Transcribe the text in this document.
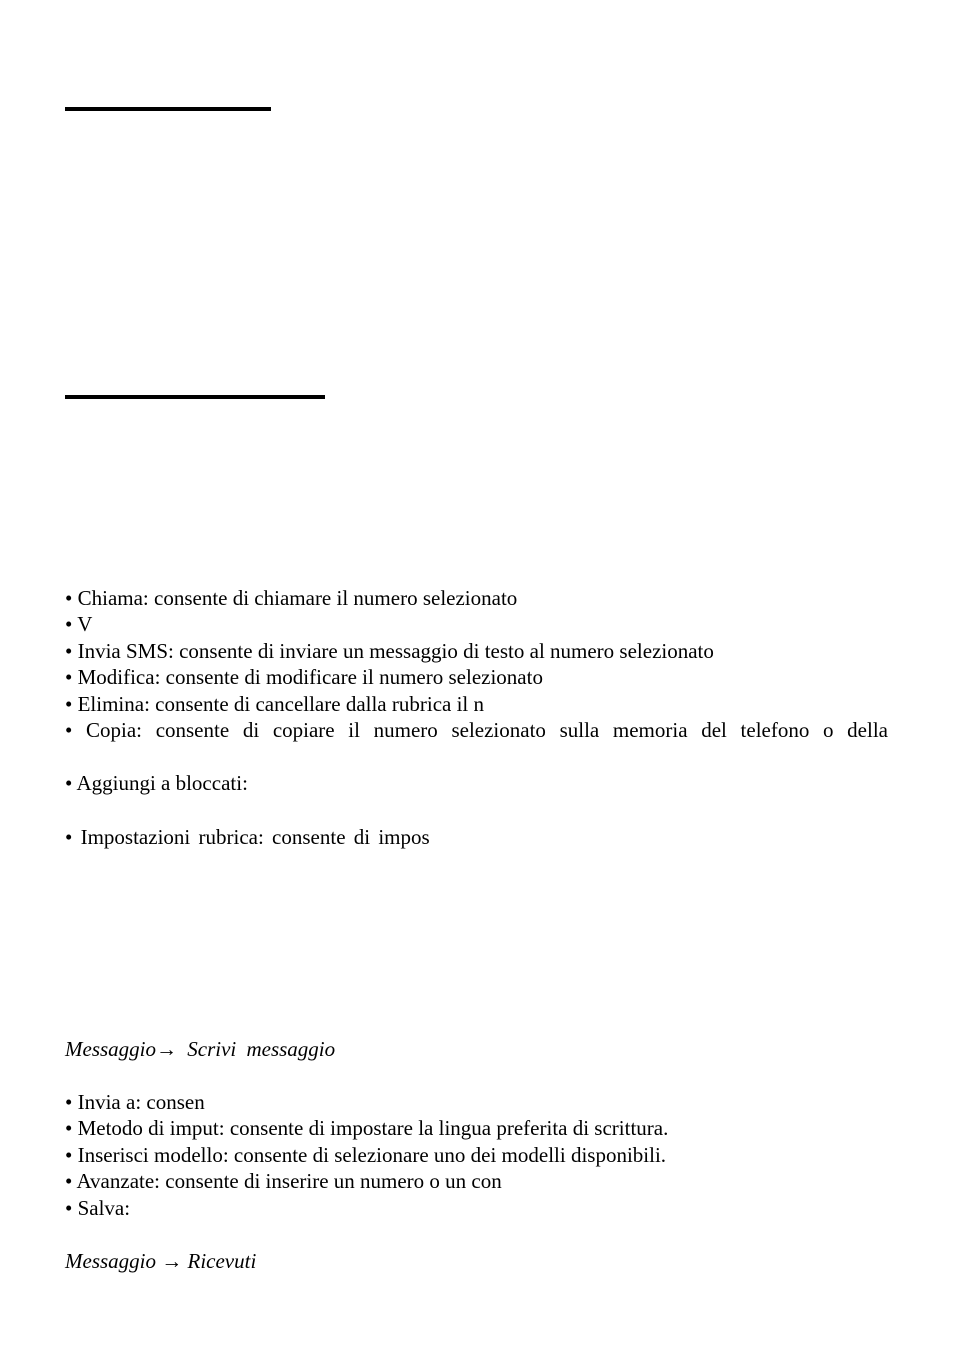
• Chiama: consente di chiamare il numero selezionato

• V

• Invia SMS: consente di inviare un messaggio di testo al numero selezionato

• Modifica: consente di modificare il numero selezionato

• Elimina: consente di cancellare dalla rubrica il n

• Copia: consente di copiare il numero selezionato sulla memoria del telefono o della

• Aggiungi a bloccati:

• Impostazioni rubrica: consente di impos

Messaggio→ Scrivi messaggio

• Invia a: consen

• Metodo di imput: consente di impostare la lingua preferita di scrittura.

• Inserisci modello: consente di selezionare uno dei modelli disponibili.

• Avanzate: consente di inserire un numero o un con

• Salva:

Messaggio → Ricevuti
